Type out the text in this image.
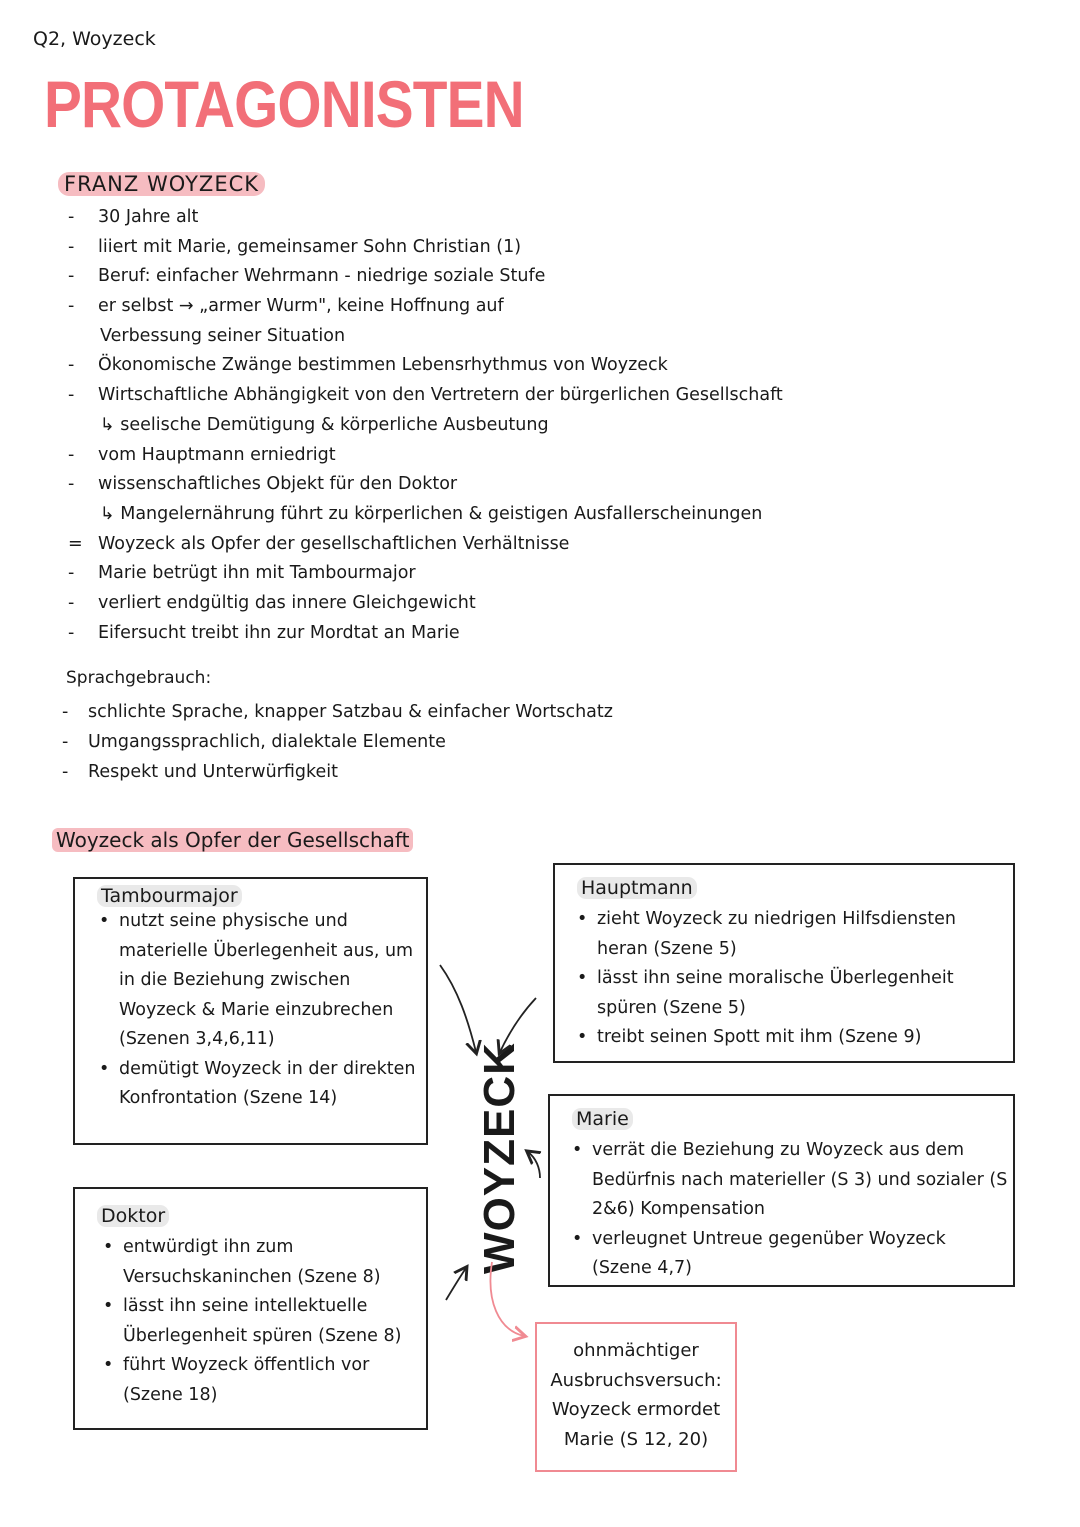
Q2, Woyzeck
PROTAGONISTEN
FRANZ WOYZECK
-	30 Jahre alt
-	liiert mit Marie, gemeinsamer Sohn Christian (1)
-	Beruf: einfacher Wehrmann - niedrige soziale Stufe
-	er selbst → „armer Wurm", keine Hoffnung auf
Verbessung seiner Situation
-	Ökonomische Zwänge bestimmen Lebensrhythmus von Woyzeck
-	Wirtschaftliche Abhängigkeit von den Vertretern der bürgerlichen Gesellschaft
↳ seelische Demütigung & körperliche Ausbeutung
-	vom Hauptmann erniedrigt
-	wissenschaftliches Objekt für den Doktor
↳ Mangelernährung führt zu körperlichen & geistigen Ausfallerscheinungen
= Woyzeck als Opfer der gesellschaftlichen Verhältnisse
-	Marie betrügt ihn mit Tambourmajor
-	verliert endgültig das innere Gleichgewicht
-	Eifersucht treibt ihn zur Mordtat an Marie
Sprachgebrauch:
- schlichte Sprache, knapper Satzbau & einfacher Wortschatz
- Umgangssprachlich, dialektale Elemente
- Respekt und Unterwürfigkeit
Woyzeck als Opfer der Gesellschaft
Tambourmajor
• nutzt seine physische und materielle Überlegenheit aus, um in die Beziehung zwischen Woyzeck & Marie einzubrechen (Szenen 3,4,6,11)
• demütigt Woyzeck in der direkten Konfrontation (Szene 14)
Doktor
• entwürdigt ihn zum Versuchskaninchen (Szene 8)
• lässt ihn seine intellektuelle Überlegenheit spüren (Szene 8)
• führt Woyzeck öffentlich vor (Szene 18)
Hauptmann
• zieht Woyzeck zu niedrigen Hilfsdiensten heran (Szene 5)
• lässt ihn seine moralische Überlegenheit spüren (Szene 5)
• treibt seinen Spott mit ihm (Szene 9)
Marie
• verrät die Beziehung zu Woyzeck aus dem Bedürfnis nach materieller (S 3) und sozialer (S 2&6) Kompensation
• verleugnet Untreue gegenüber Woyzeck (Szene 4,7)
ohnmächtiger
Ausbruchsversuch:
Woyzeck ermordet
Marie (S 12, 20)
WOYZECK
